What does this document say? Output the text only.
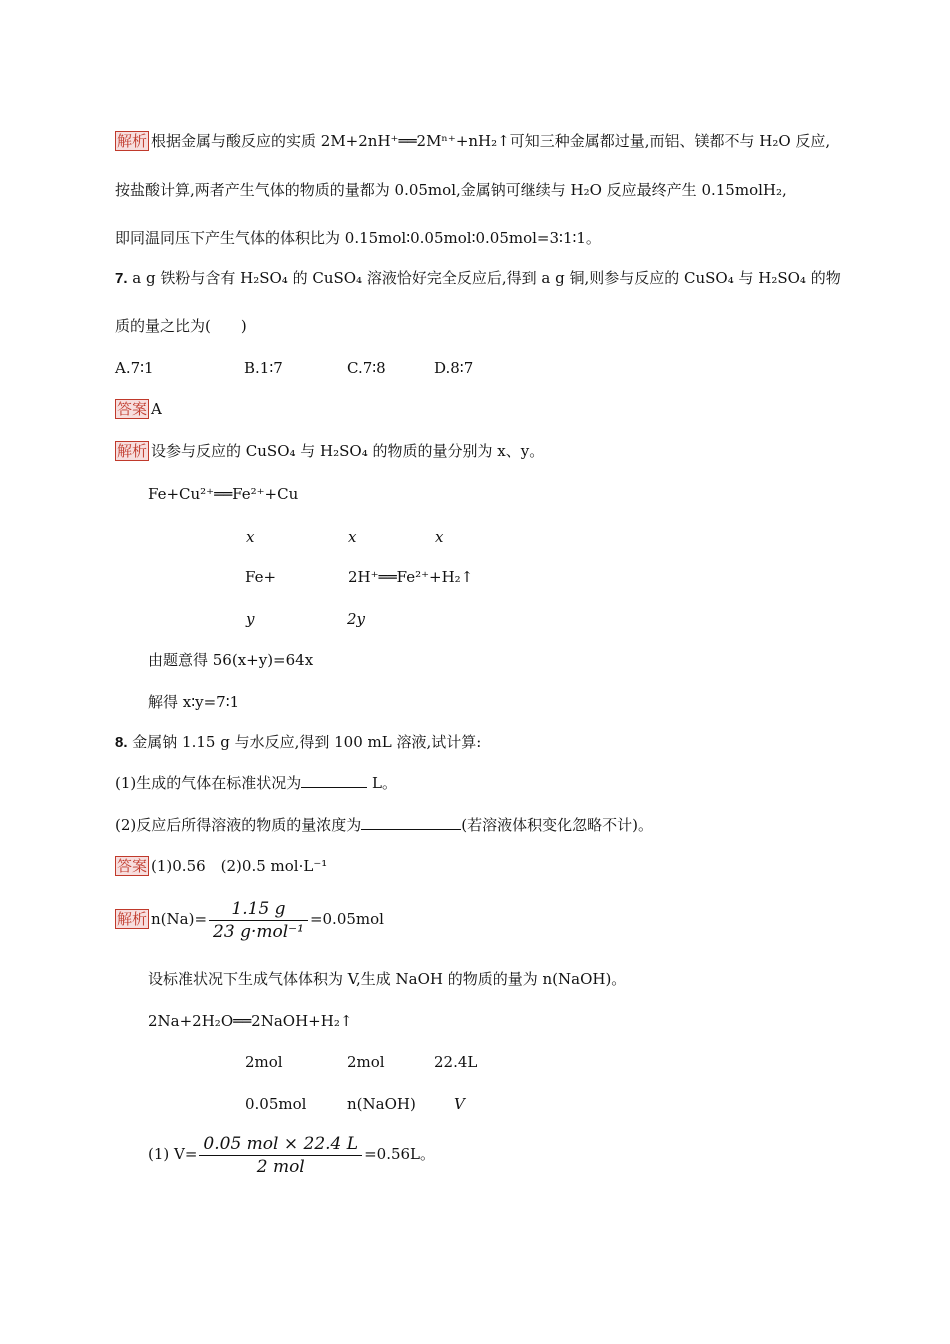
解析 根据金属与酸反应的实质 2M+2nH⁺══2Mⁿ⁺+nH₂↑可知三种金属都过量,而铝、镁都不与 H₂O 反应,
按盐酸计算,两者产生气体的物质的量都为 0.05mol,金属钠可继续与 H₂O 反应最终产生 0.15molH₂,
即同温同压下产生气体的体积比为 0.15mol∶0.05mol∶0.05mol=3∶1∶1。
7. a g 铁粉与含有 H₂SO₄ 的 CuSO₄ 溶液恰好完全反应后,得到 a g 铜,则参与反应的 CuSO₄ 与 H₂SO₄ 的物
质的量之比为(　　)
A.7∶1	B.1∶7	C.7∶8	D.8∶7
答案 A
解析 设参与反应的 CuSO₄ 与 H₂SO₄ 的物质的量分别为 x、y。
Fe+Cu²⁺══Fe²⁺+Cu
x	x	x
Fe+	2H⁺══Fe²⁺+H₂↑
y	2y
由题意得 56(x+y)=64x
解得 x∶y=7∶1
8. 金属钠 1.15 g 与水反应,得到 100 mL 溶液,试计算:
(1)生成的气体在标准状况为	L。
(2)反应后所得溶液的物质的量浓度为	(若溶液体积变化忽略不计)。
答案 (1)0.56　(2)0.5 mol·L⁻¹
解析 $n(Na)= \frac{1.15 g}{\text{23 g·mol⁻¹}} =0.05mol$
设标准状况下生成气体体积为 V,生成 NaOH 的物质的量为 n(NaOH)。
2Na+2H₂O══2NaOH+H₂↑
2mol	2mol	22.4L
0.05mol	n(NaOH)	V
(1) $V= \frac{\text{0.05 mol × 22.4 L}}{\text{2 mol}} =0.56L$。
